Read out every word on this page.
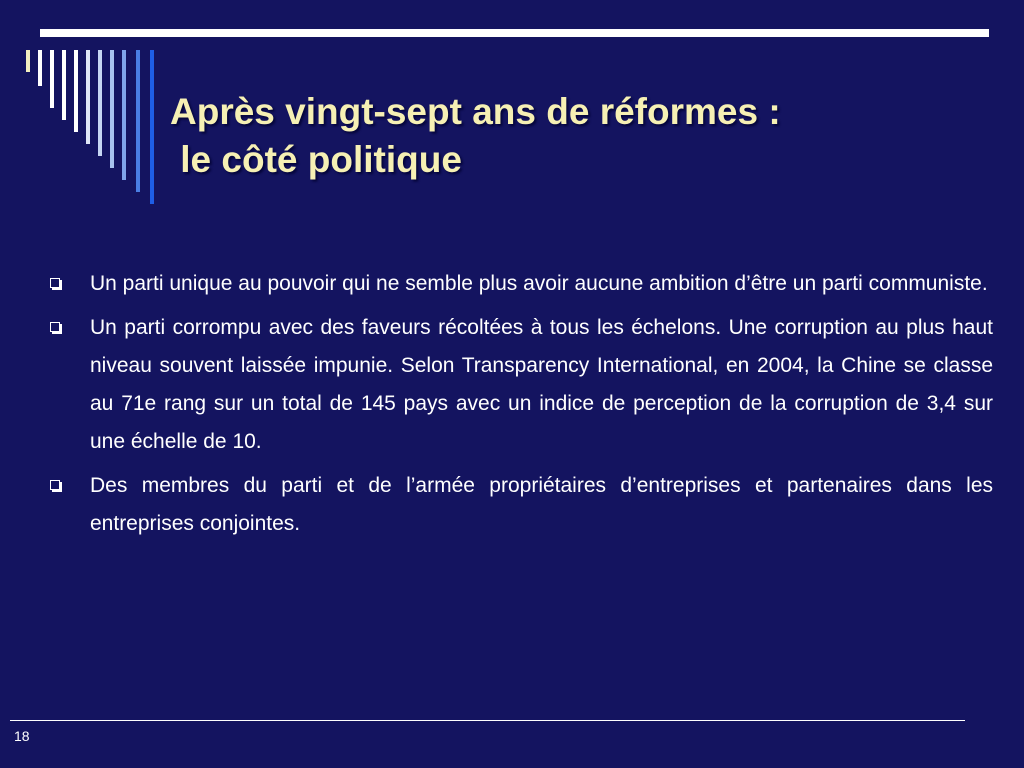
Après vingt-sept ans de réformes :
le côté politique
Un parti unique au pouvoir qui ne semble plus avoir aucune ambition d’être un parti communiste.
Un parti corrompu avec des faveurs récoltées à tous les échelons. Une corruption au plus haut niveau souvent laissée impunie. Selon Transparency International, en 2004, la Chine se classe au 71e rang sur un total de 145 pays avec un indice de perception de la corruption de 3,4 sur une échelle de 10.
Des membres du parti et de l’armée propriétaires d’entreprises et partenaires dans les entreprises conjointes.
18
